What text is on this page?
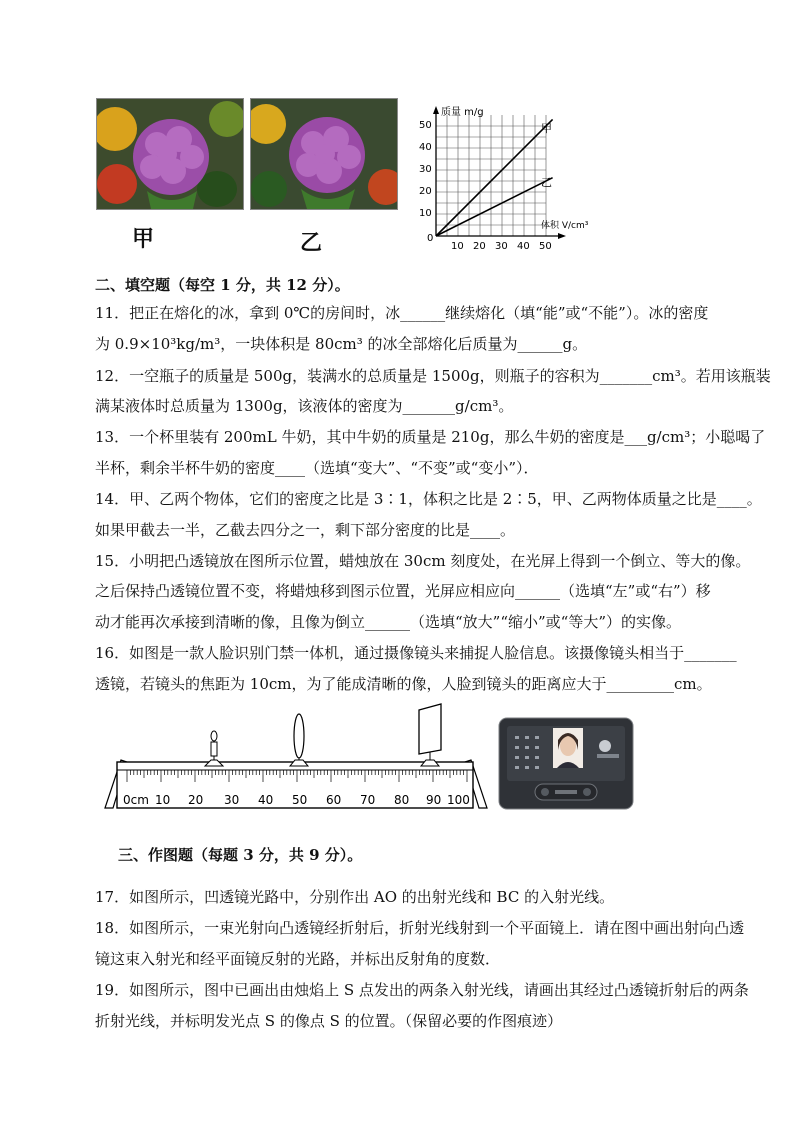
甲	乙
质量 m/g
体积 V/cm³
0
10
20
30
40
50
10 20 30 40 50
甲
乙
二、填空题（每空 1 分，共 12 分）。
11．把正在熔化的冰，拿到 0℃的房间时，冰______继续熔化（填“能”或“不能”）。冰的密度
为 0.9×10³kg/m³，一块体积是 80cm³ 的冰全部熔化后质量为______g。
12．一空瓶子的质量是 500g，装满水的总质量是 1500g，则瓶子的容积为_______cm³。若用该瓶装
满某液体时总质量为 1300g，该液体的密度为_______g/cm³。
13．一个杯里装有 200mL 牛奶，其中牛奶的质量是 210g，那么牛奶的密度是___g/cm³；小聪喝了
半杯，剩余半杯牛奶的密度____（选填“变大”、“不变”或“变小”）．
14．甲、乙两个物体，它们的密度之比是 3∶1，体积之比是 2∶5，甲、乙两物体质量之比是____。
如果甲截去一半，乙截去四分之一，剩下部分密度的比是____。
15．小明把凸透镜放在图所示位置，蜡烛放在 30cm 刻度处，在光屏上得到一个倒立、等大的像。
之后保持凸透镜位置不变，将蜡烛移到图示位置，光屏应相应向______（选填“左”或“右”）移
动才能再次承接到清晰的像，且像为倒立______（选填“放大”“缩小”或“等大”）的实像。
16．如图是一款人脸识别门禁一体机，通过摄像镜头来捕捉人脸信息。该摄像镜头相当于_______
透镜，若镜头的焦距为 10cm，为了能成清晰的像，人脸到镜头的距离应大于_________cm。
0cm 10 20 30 40 50 60 70 80 90 100
三、作图题（每题 3 分，共 9 分）。
17．如图所示，凹透镜光路中，分别作出 AO 的出射光线和 BC 的入射光线。
18．如图所示，一束光射向凸透镜经折射后，折射光线射到一个平面镜上．请在图中画出射向凸透
镜这束入射光和经平面镜反射的光路，并标出反射角的度数．
19．如图所示，图中已画出由烛焰上 S 点发出的两条入射光线，请画出其经过凸透镜折射后的两条
折射光线，并标明发光点 S 的像点 S 的位置。（保留必要的作图痕迹）
